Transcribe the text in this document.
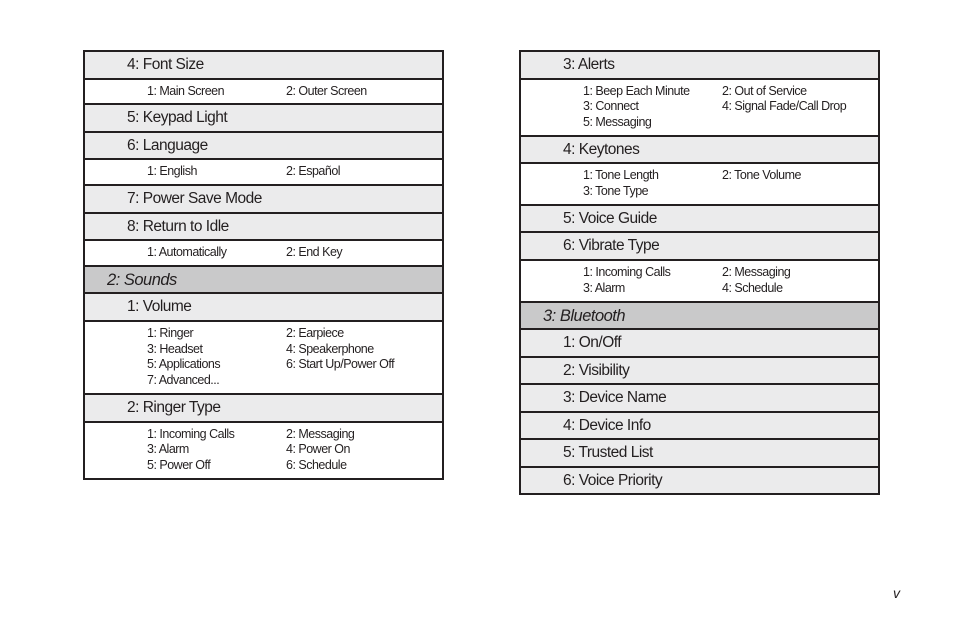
4: Font Size
1: Main Screen	2: Outer Screen
5: Keypad Light
6: Language
1: English	2: Español
7: Power Save Mode
8: Return to Idle
1: Automatically	2: End Key
2: Sounds
1: Volume
1: Ringer	2: Earpiece
3: Headset	4: Speakerphone
5: Applications	6: Start Up/Power Off
7: Advanced...
2: Ringer Type
1: Incoming Calls	2: Messaging
3: Alarm	4: Power On
5: Power Off	6: Schedule
3: Alerts
1: Beep Each Minute	2: Out of Service
3: Connect	4: Signal Fade/Call Drop
5: Messaging
4: Keytones
1: Tone Length	2: Tone Volume
3: Tone Type
5: Voice Guide
6: Vibrate Type
1: Incoming Calls	2: Messaging
3: Alarm	4: Schedule
3: Bluetooth
1: On/Off
2: Visibility
3: Device Name
4: Device Info
5: Trusted List
6: Voice Priority
v
